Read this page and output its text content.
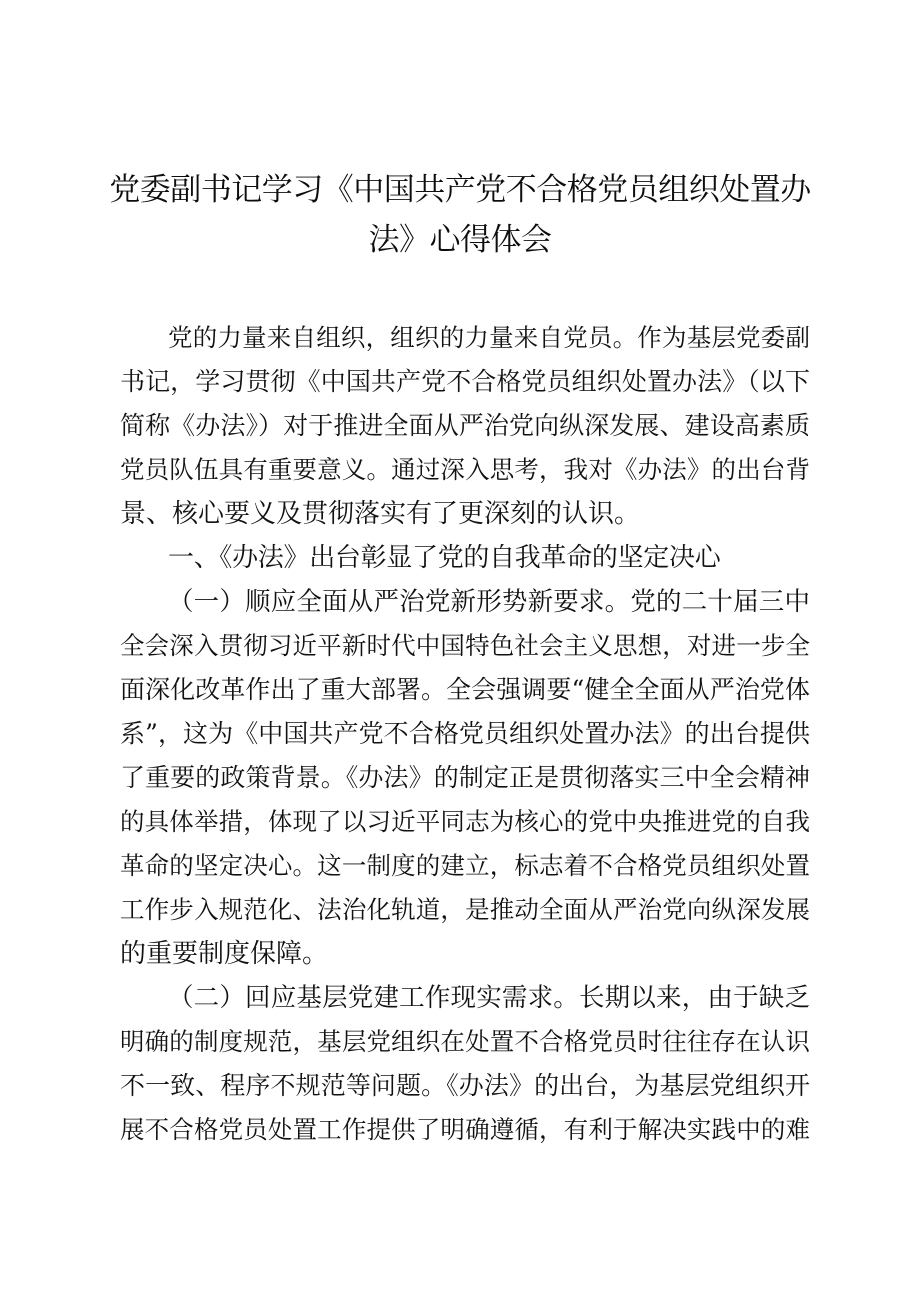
党委副书记学习《中国共产党不合格党员组织处置办
法》心得体会
党的力量来自组织，组织的力量来自党员。作为基层党委副
书记，学习贯彻《中国共产党不合格党员组织处置办法》（以下
简称《办法》）对于推进全面从严治党向纵深发展、建设高素质
党员队伍具有重要意义。通过深入思考，我对《办法》的出台背
景、核心要义及贯彻落实有了更深刻的认识。
一、《办法》出台彰显了党的自我革命的坚定决心
（一）顺应全面从严治党新形势新要求。党的二十届三中
全会深入贯彻习近平新时代中国特色社会主义思想，对进一步全
面深化改革作出了重大部署。全会强调要“健全全面从严治党体
系”，这为《中国共产党不合格党员组织处置办法》的出台提供
了重要的政策背景。《办法》的制定正是贯彻落实三中全会精神
的具体举措，体现了以习近平同志为核心的党中央推进党的自我
革命的坚定决心。这一制度的建立，标志着不合格党员组织处置
工作步入规范化、法治化轨道，是推动全面从严治党向纵深发展
的重要制度保障。
（二）回应基层党建工作现实需求。长期以来，由于缺乏
明确的制度规范，基层党组织在处置不合格党员时往往存在认识
不一致、程序不规范等问题。《办法》的出台，为基层党组织开
展不合格党员处置工作提供了明确遵循，有利于解决实践中的难
